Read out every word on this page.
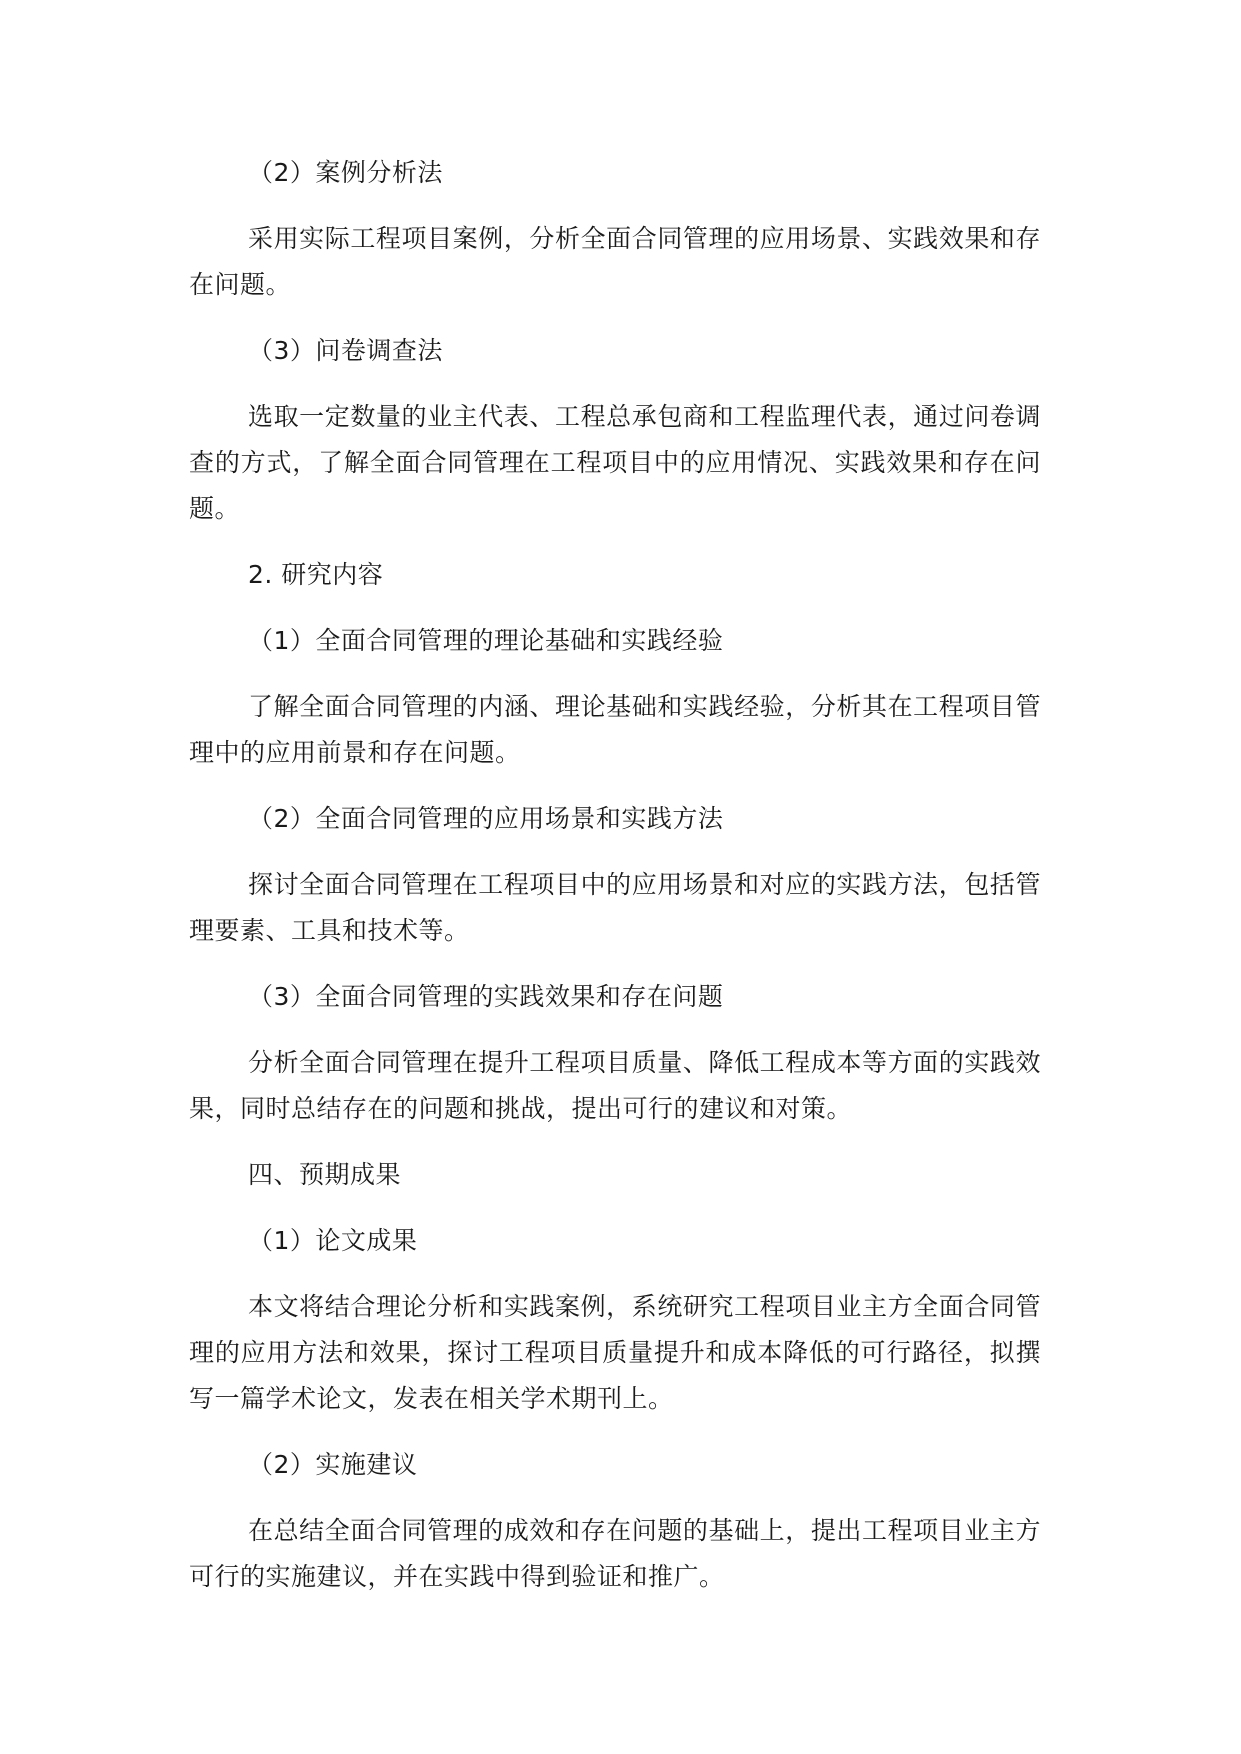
（2）案例分析法

采用实际工程项目案例，分析全面合同管理的应用场景、实践效果和存在问题。

（3）问卷调查法

选取一定数量的业主代表、工程总承包商和工程监理代表，通过问卷调查的方式，了解全面合同管理在工程项目中的应用情况、实践效果和存在问题。

2. 研究内容

（1）全面合同管理的理论基础和实践经验

了解全面合同管理的内涵、理论基础和实践经验，分析其在工程项目管理中的应用前景和存在问题。

（2）全面合同管理的应用场景和实践方法

探讨全面合同管理在工程项目中的应用场景和对应的实践方法，包括管理要素、工具和技术等。

（3）全面合同管理的实践效果和存在问题

分析全面合同管理在提升工程项目质量、降低工程成本等方面的实践效果，同时总结存在的问题和挑战，提出可行的建议和对策。

四、预期成果

（1）论文成果

本文将结合理论分析和实践案例，系统研究工程项目业主方全面合同管理的应用方法和效果，探讨工程项目质量提升和成本降低的可行路径，拟撰写一篇学术论文，发表在相关学术期刊上。

（2）实施建议

在总结全面合同管理的成效和存在问题的基础上，提出工程项目业主方可行的实施建议，并在实践中得到验证和推广。
